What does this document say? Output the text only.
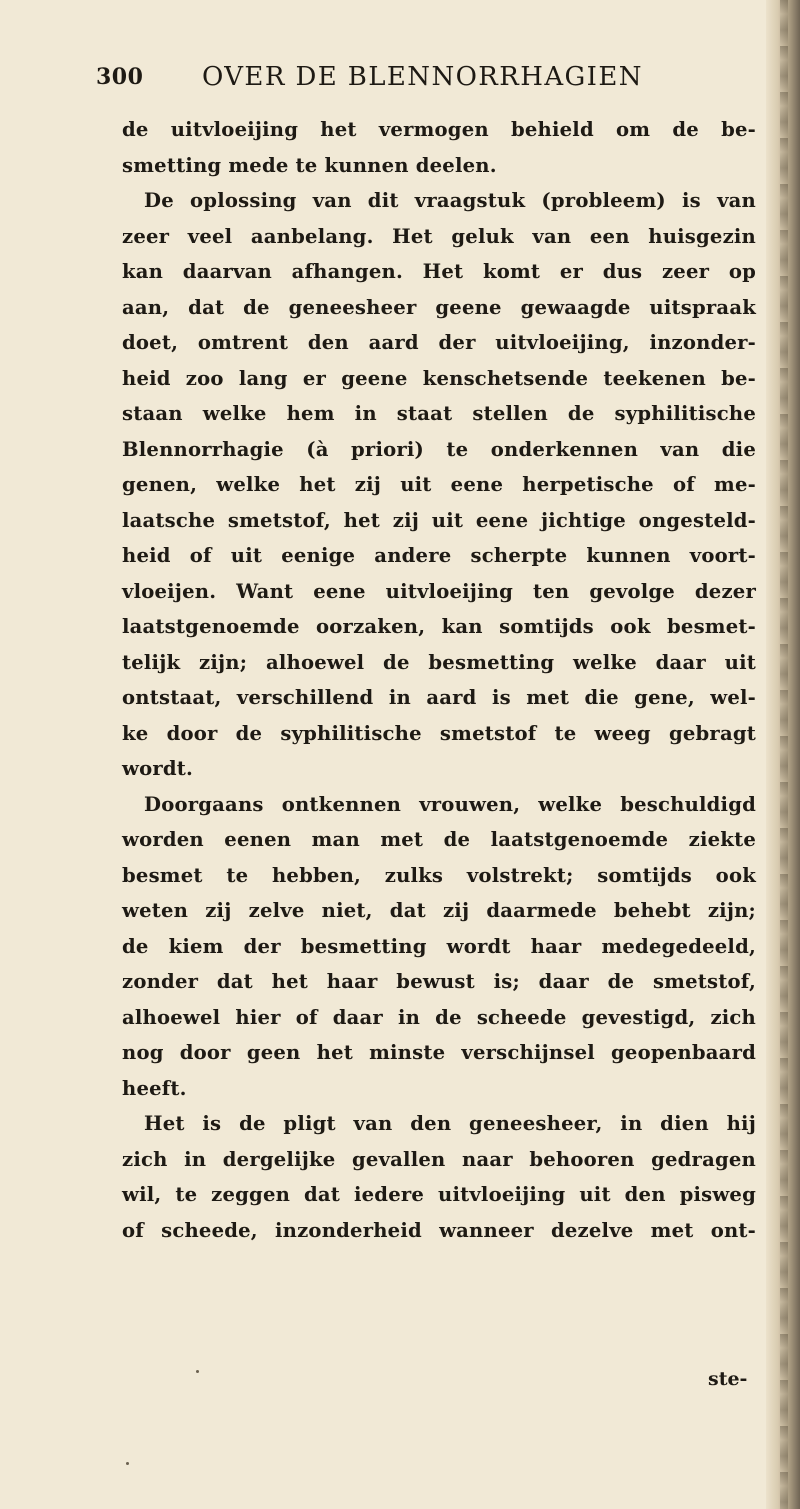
300 OVER DE BLENNORRHAGIEN
de uitvloeijing het vermogen behield om de be-
smetting mede te kunnen deelen.
De oplossing van dit vraagstuk (probleem) is van
zeer veel aanbelang. Het geluk van een huisgezin
kan daarvan afhangen. Het komt er dus zeer op
aan, dat de geneesheer geene gewaagde uitspraak
doet, omtrent den aard der uitvloeijing, inzonder-
heid zoo lang er geene kenschetsende teekenen be-
staan welke hem in staat stellen de syphilitische
Blennorrhagie (à priori) te onderkennen van die
genen, welke het zij uit eene herpetische of me-
laatsche smetstof, het zij uit eene jichtige ongesteld-
heid of uit eenige andere scherpte kunnen voort-
vloeijen. Want eene uitvloeijing ten gevolge dezer
laatstgenoemde oorzaken, kan somtijds ook besmet-
telijk zijn; alhoewel de besmetting welke daar uit
ontstaat, verschillend in aard is met die gene, wel-
ke door de syphilitische smetstof te weeg gebragt
wordt.
Doorgaans ontkennen vrouwen, welke beschuldigd
worden eenen man met de laatstgenoemde ziekte
besmet te hebben, zulks volstrekt; somtijds ook
weten zij zelve niet, dat zij daarmede behebt zijn;
de kiem der besmetting wordt haar medegedeeld,
zonder dat het haar bewust is; daar de smetstof,
alhoewel hier of daar in de scheede gevestigd, zich
nog door geen het minste verschijnsel geopenbaard
heeft.
Het is de pligt van den geneesheer, in dien hij
zich in dergelijke gevallen naar behooren gedragen
wil, te zeggen dat iedere uitvloeijing uit den pisweg
of scheede, inzonderheid wanneer dezelve met ont-
ste-
